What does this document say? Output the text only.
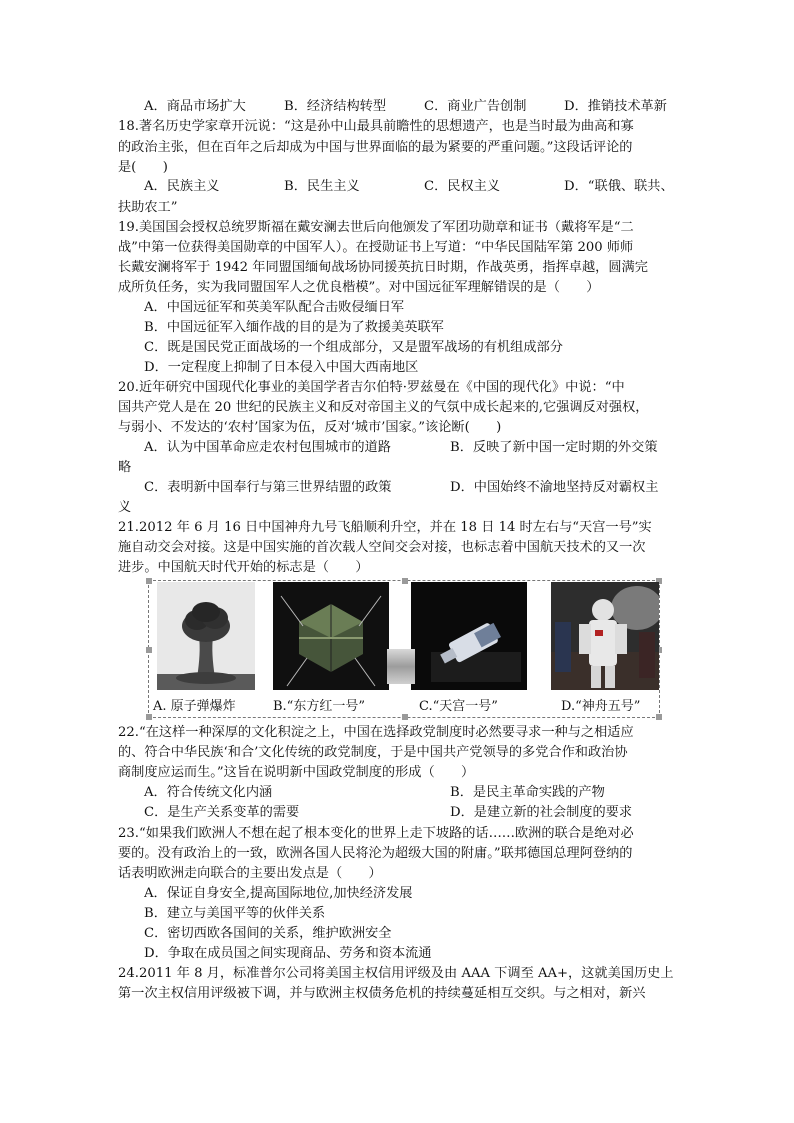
A．商品市场扩大	B．经济结构转型	C．商业广告创制	D．推销技术革新
18.著名历史学家章开沅说：“这是孙中山最具前瞻性的思想遗产，也是当时最为曲高和寡
的政治主张，但在百年之后却成为中国与世界面临的最为紧要的严重问题。”这段话评论的
是(　　)
A．民族主义	B．民生主义	C．民权主义	D．“联俄、联共、
扶助农工”
19.美国国会授权总统罗斯福在戴安澜去世后向他颁发了军团功勋章和证书（戴将军是“二
战”中第一位获得美国勋章的中国军人）。在授勋证书上写道：“中华民国陆军第 200 师师
长戴安澜将军于 1942 年同盟国缅甸战场协同援英抗日时期，作战英勇，指挥卓越，圆满完
成所负任务，实为我同盟国军人之优良楷模”。对中国远征军理解错误的是（　　）
A．中国远征军和英美军队配合击败侵缅日军
B．中国远征军入缅作战的目的是为了救援美英联军
C．既是国民党正面战场的一个组成部分，又是盟军战场的有机组成部分
D．一定程度上抑制了日本侵入中国大西南地区
20.近年研究中国现代化事业的美国学者吉尔伯特·罗兹曼在《中国的现代化》中说：“中
国共产党人是在 20 世纪的民族主义和反对帝国主义的气氛中成长起来的,它强调反对强权，
与弱小、不发达的‘农村’国家为伍，反对‘城市’国家。”该论断(　　)
A．认为中国革命应走农村包围城市的道路	B．反映了新中国一定时期的外交策
略
C．表明新中国奉行与第三世界结盟的政策	D．中国始终不渝地坚持反对霸权主
义
21.2012 年 6 月 16 日中国神舟九号飞船顺利升空，并在 18 日 14 时左右与“天宫一号”实
施自动交会对接。这是中国实施的首次载人空间交会对接，也标志着中国航天技术的又一次
进步。中国航天时代开始的标志是（　　）
A. 原子弹爆炸	B.“东方红一号”	C.“天宫一号”	D.“神舟五号”
22.“在这样一种深厚的文化积淀之上，中国在选择政党制度时必然要寻求一种与之相适应
的、符合中华民族‘和合’文化传统的政党制度，于是中国共产党领导的多党合作和政治协
商制度应运而生。”这旨在说明新中国政党制度的形成（　　）
A．符合传统文化内涵	B．是民主革命实践的产物
C．是生产关系变革的需要	D．是建立新的社会制度的要求
23.“如果我们欧洲人不想在起了根本变化的世界上走下坡路的话……欧洲的联合是绝对必
要的。没有政治上的一致，欧洲各国人民将沦为超级大国的附庸。”联邦德国总理阿登纳的
话表明欧洲走向联合的主要出发点是（　　）
A．保证自身安全,提高国际地位,加快经济发展
B．建立与美国平等的伙伴关系
C．密切西欧各国间的关系，维护欧洲安全
D．争取在成员国之间实现商品、劳务和资本流通
24.2011 年 8 月，标准普尔公司将美国主权信用评级及由 AAA 下调至 AA+，这就美国历史上
第一次主权信用评级被下调，并与欧洲主权债务危机的持续蔓延相互交织。与之相对，新兴
